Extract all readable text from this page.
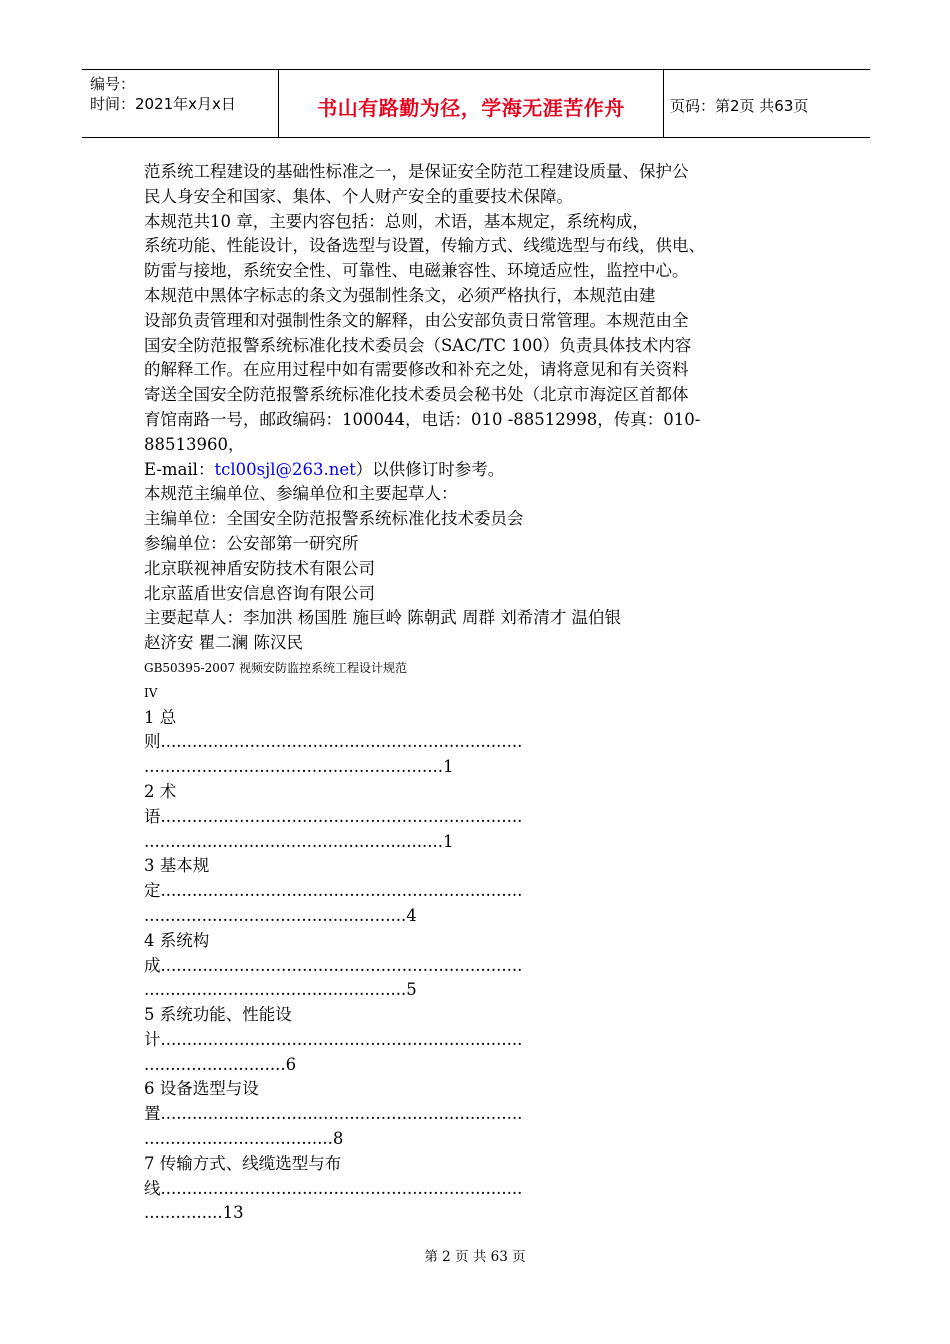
编号：
时间：2021年x月x日	书山有路勤为径，学海无涯苦作舟	页码：第2页 共63页
范系统工程建设的基础性标准之一，是保证安全防范工程建设质量、保护公
民人身安全和国家、集体、个人财产安全的重要技术保障。
本规范共10 章，主要内容包括：总则，术语，基本规定，系统构成，
系统功能、性能设计，设备选型与设置，传输方式、线缆选型与布线，供电、
防雷与接地，系统安全性、可靠性、电磁兼容性、环境适应性，监控中心。
本规范中黑体字标志的条文为强制性条文，必须严格执行，本规范由建
设部负责管理和对强制性条文的解释，由公安部负责日常管理。本规范由全
国安全防范报警系统标准化技术委员会（SAC/TC 100）负责具体技术内容
的解释工作。在应用过程中如有需要修改和补充之处，请将意见和有关资料
寄送全国安全防范报警系统标准化技术委员会秘书处（北京市海淀区首都体
育馆南路一号，邮政编码：100044，电话：010 -88512998，传真：010-
88513960，
E-mail：tcl00sjl@263.net）以供修订时参考。
本规范主编单位、参编单位和主要起草人：
主编单位：全国安全防范报警系统标准化技术委员会
参编单位：公安部第一研究所
北京联视神盾安防技术有限公司
北京蓝盾世安信息咨询有限公司
主要起草人：李加洪 杨国胜 施巨岭 陈朝武 周群 刘希清才 温伯银
赵济安 瞿二澜 陈汉民
GB50395-2007 视频安防监控系统工程设计规范
IV
1 总
则.....................................................................
.........................................................1
2 术
语.....................................................................
.........................................................1
3 基本规
定.....................................................................
..................................................4
4 系统构
成.....................................................................
..................................................5
5 系统功能、性能设
计.....................................................................
...........................6
6 设备选型与设
置.....................................................................
....................................8
7 传输方式、线缆选型与布
线.....................................................................
...............13
第 2 页 共 63 页
